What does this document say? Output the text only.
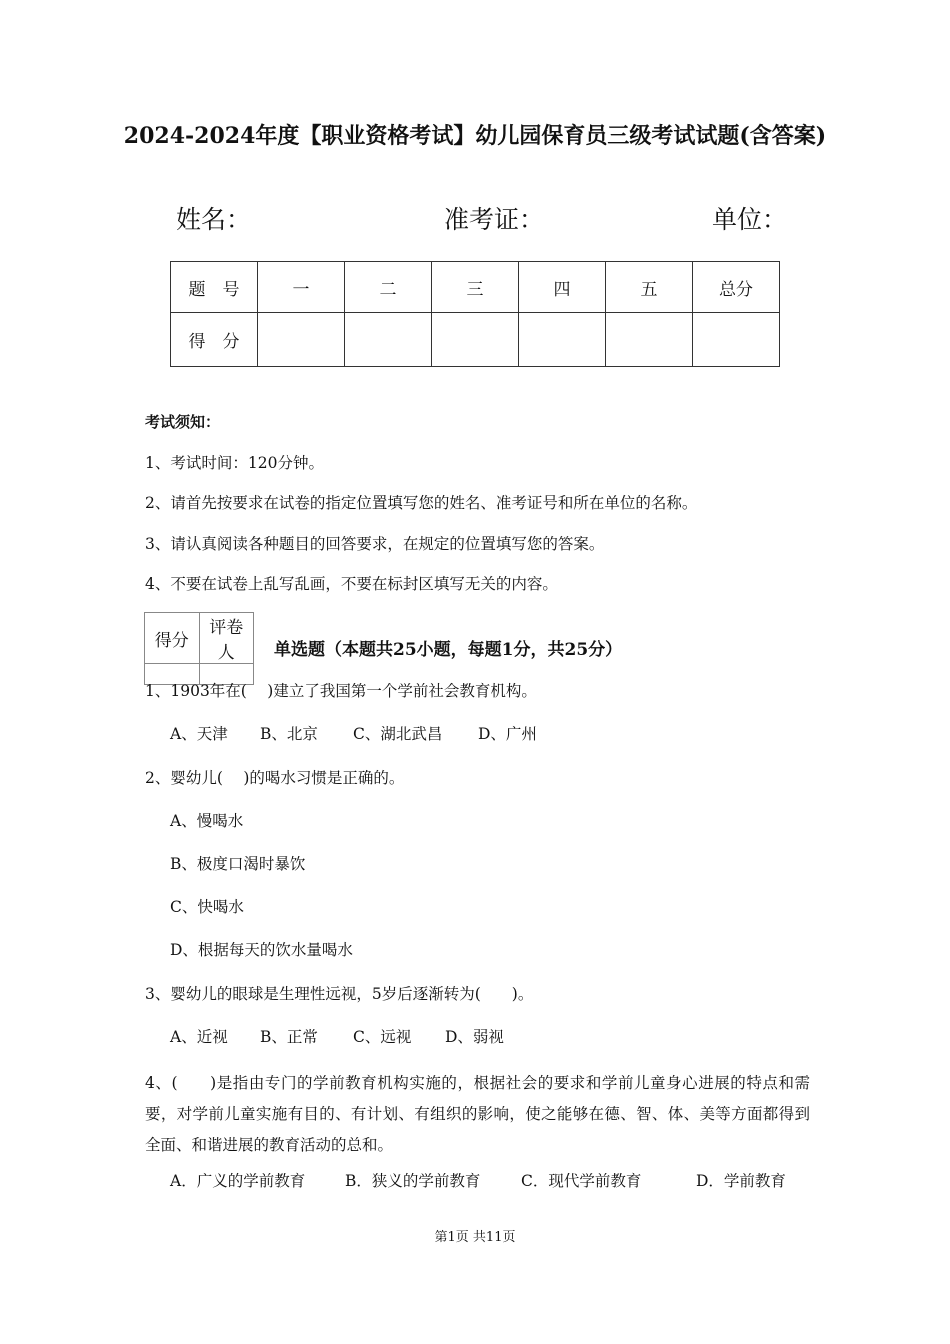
2024-2024年度【职业资格考试】幼儿园保育员三级考试试题(含答案)
姓名：	准考证：	单位：
题　号	一	二	三	四	五	总分
得　分						
考试须知：
1、考试时间：120分钟。
2、请首先按要求在试卷的指定位置填写您的姓名、准考证号和所在单位的名称。
3、请认真阅读各种题目的回答要求，在规定的位置填写您的答案。
4、不要在试卷上乱写乱画，不要在标封区填写无关的内容。
得分	评卷人
	单选题（本题共25小题，每题1分，共25分）
1、1903年在(　 )建立了我国第一个学前社会教育机构。
A、天津 B、北京 C、湖北武昌 D、广州
2、婴幼儿(　 )的喝水习惯是正确的。
A、慢喝水
B、极度口渴时暴饮
C、快喝水
D、根据每天的饮水量喝水
3、婴幼儿的眼球是生理性远视，5岁后逐渐转为(　　)。
A、近视 B、正常 C、远视 D、弱视
4、(　　)是指由专门的学前教育机构实施的，根据社会的要求和学前儿童身心进展的特点和需要，对学前儿童实施有目的、有计划、有组织的影响，使之能够在德、智、体、美等方面都得到全面、和谐进展的教育活动的总和。
A．广义的学前教育	B．狭义的学前教育	C．现代学前教育	D．学前教育
第1页 共11页
